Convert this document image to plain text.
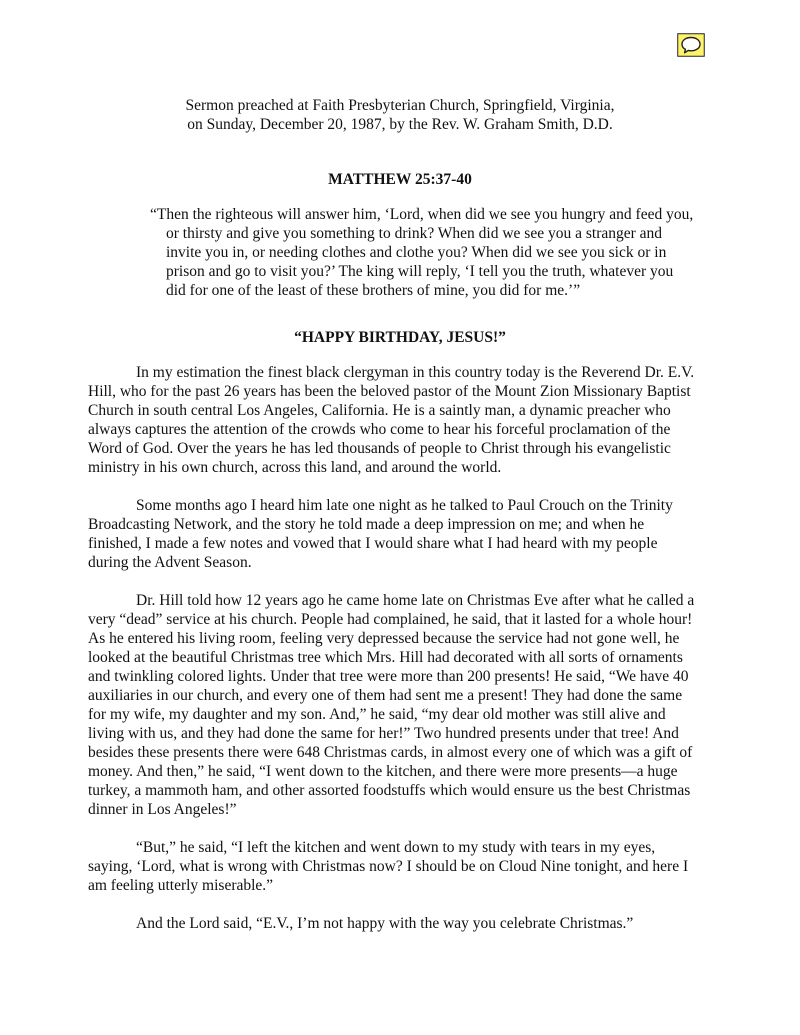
Sermon preached at Faith Presbyterian Church, Springfield, Virginia,
on Sunday, December 20, 1987, by the Rev. W. Graham Smith, D.D.
MATTHEW 25:37-40
“Then the righteous will answer him, ‘Lord, when did we see you hungry and feed you,
or thirsty and give you something to drink? When did we see you a stranger and
invite you in, or needing clothes and clothe you? When did we see you sick or in
prison and go to visit you?’ The king will reply, ‘I tell you the truth, whatever you
did for one of the least of these brothers of mine, you did for me.’”
“HAPPY BIRTHDAY, JESUS!”
In my estimation the finest black clergyman in this country today is the Reverend Dr. E.V.
Hill, who for the past 26 years has been the beloved pastor of the Mount Zion Missionary Baptist
Church in south central Los Angeles, California. He is a saintly man, a dynamic preacher who
always captures the attention of the crowds who come to hear his forceful proclamation of the
Word of God. Over the years he has led thousands of people to Christ through his evangelistic
ministry in his own church, across this land, and around the world.
Some months ago I heard him late one night as he talked to Paul Crouch on the Trinity
Broadcasting Network, and the story he told made a deep impression on me; and when he
finished, I made a few notes and vowed that I would share what I had heard with my people
during the Advent Season.
Dr. Hill told how 12 years ago he came home late on Christmas Eve after what he called a
very “dead” service at his church. People had complained, he said, that it lasted for a whole hour!
As he entered his living room, feeling very depressed because the service had not gone well, he
looked at the beautiful Christmas tree which Mrs. Hill had decorated with all sorts of ornaments
and twinkling colored lights. Under that tree were more than 200 presents! He said, “We have 40
auxiliaries in our church, and every one of them had sent me a present! They had done the same
for my wife, my daughter and my son. And,” he said, “my dear old mother was still alive and
living with us, and they had done the same for her!” Two hundred presents under that tree! And
besides these presents there were 648 Christmas cards, in almost every one of which was a gift of
money. And then,” he said, “I went down to the kitchen, and there were more presents—a huge
turkey, a mammoth ham, and other assorted foodstuffs which would ensure us the best Christmas
dinner in Los Angeles!”
“But,” he said, “I left the kitchen and went down to my study with tears in my eyes,
saying, ‘Lord, what is wrong with Christmas now? I should be on Cloud Nine tonight, and here I
am feeling utterly miserable.”
And the Lord said, “E.V., I’m not happy with the way you celebrate Christmas.”
